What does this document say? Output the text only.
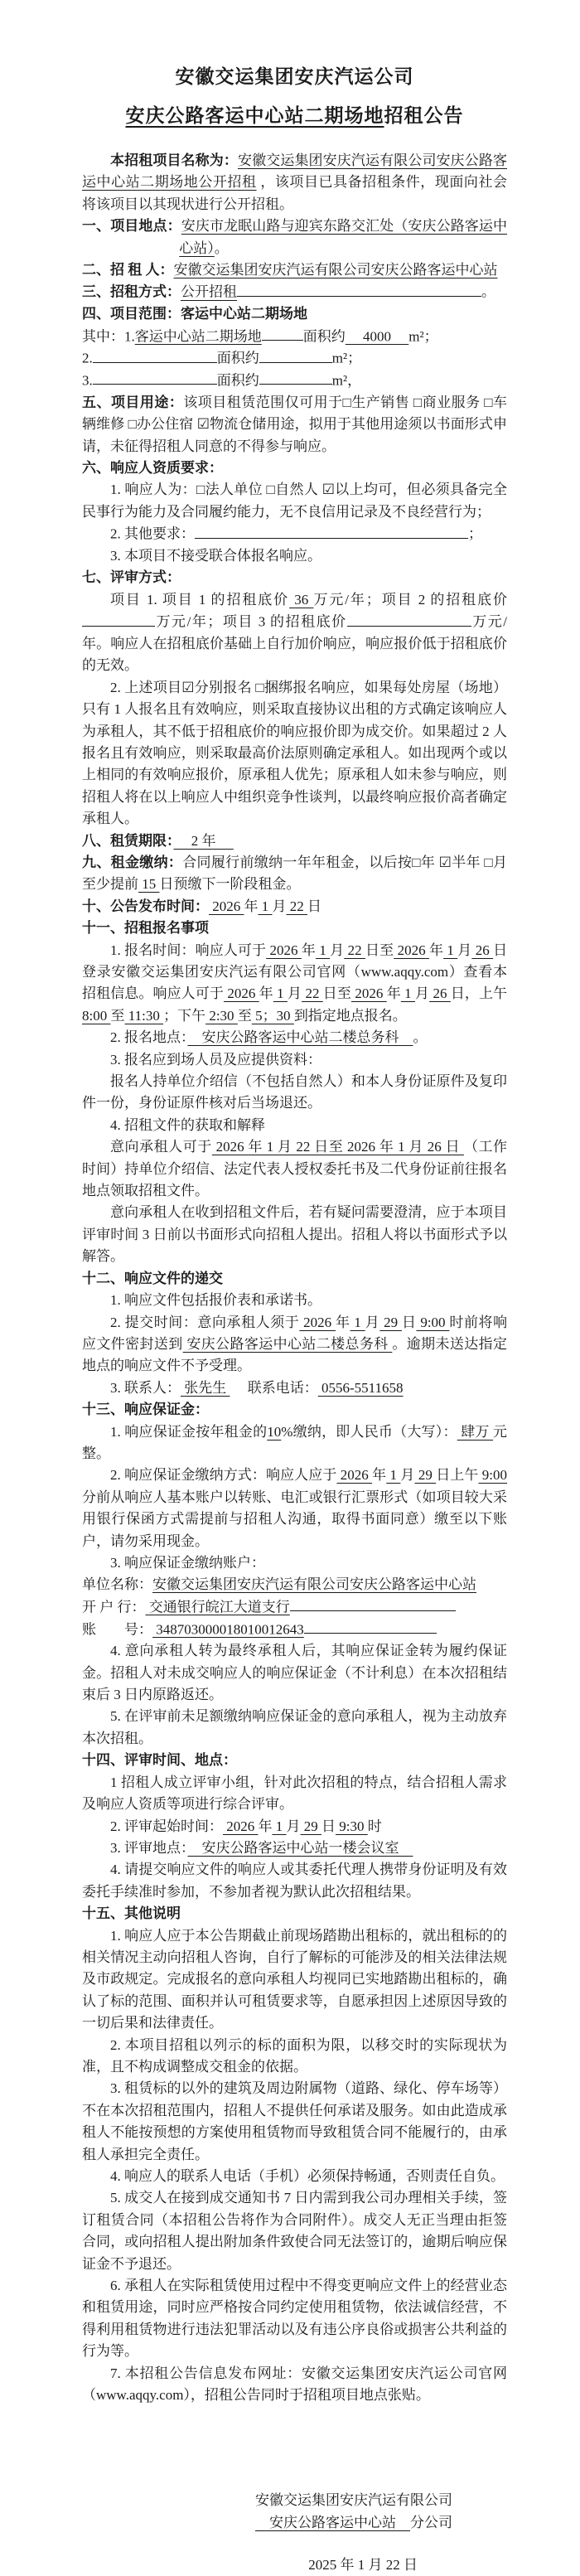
安徽交运集团安庆汽运公司
安庆公路客运中心站二期场地招租公告

本招租项目名称为：安徽交运集团安庆汽运有限公司安庆公路客运中心站二期场地公开招租 ，该项目已具备招租条件，现面向社会将该项目以其现状进行公开招租。

一、项目地点：安庆市龙眠山路与迎宾东路交汇处（安庆公路客运中心站）。

二、招 租 人：安徽交运集团安庆汽运有限公司安庆公路客运中心站

三、招租方式：公开招租	。

四、项目范围：客运中心站二期场地

其中：1.客运中心站二期场地	面积约　 4000 　m²；

2.	面积约	m²；

3.	面积约	m²，

五、项目用途：该项目租赁范围仅可用于□生产销售 □商业服务 □车辆维修 □办公住宿 ☑物流仓储用途，拟用于其他用途须以书面形式申请，未征得招租人同意的不得参与响应。

六、响应人资质要求：

1. 响应人为：□法人单位 □自然人 ☑以上均可，但必须具备完全民事行为能力及合同履约能力，无不良信用记录及不良经营行为；

2. 其他要求：	；

3. 本项目不接受联合体报名响应。

七、评审方式：

项目 1. 项目 1 的招租底价 36 万元/年；项目 2 的招租底价万元/年；项目 3 的招租底价	万元/年。响应人在招租底价基础上自行加价响应，响应报价低于招租底价的无效。

2. 上述项目☑分别报名 □捆绑报名响应，如果每处房屋（场地）只有 1 人报名且有效响应，则采取直接协议出租的方式确定该响应人为承租人，其不低于招租底价的响应报价即为成交价。如果超过 2 人报名且有效响应，则采取最高价法原则确定承租人。如出现两个或以上相同的有效响应报价，原承租人优先；原承租人如未参与响应，则招租人将在以上响应人中组织竞争性谈判，以最终响应报价高者确定承租人。

八、租赁期限：　 2 年 　

九、租金缴纳：合同履行前缴纳一年年租金，以后按□年 ☑半年 □月至少提前 15 日预缴下一阶段租金。

十、公告发布时间： 2026 年 1 月 22 日

十一、招租报名事项

1. 报名时间：响应人可于 2026 年 1 月 22 日至 2026 年 1 月 26 日登录安徽交运集团安庆汽运有限公司官网（www.aqqy.com）查看本招租信息。响应人可于 2026 年 1 月 22 日至 2026 年 1 月 26 日，上午 8:00 至 11:30 ；下午 2:30 至 5；30 到指定地点报名。

2. 报名地点：　安庆公路客运中心站二楼总务科　。

3. 报名应到场人员及应提供资料：

报名人持单位介绍信（不包括自然人）和本人身份证原件及复印件一份，身份证原件核对后当场退还。

4. 招租文件的获取和解释

意向承租人可于 2026 年 1 月 22 日至 2026 年 1 月 26 日 （工作时间）持单位介绍信、法定代表人授权委托书及二代身份证前往报名地点领取招租文件。

意向承租人在收到招租文件后，若有疑问需要澄清，应于本项目评审时间 3 日前以书面形式向招租人提出。招租人将以书面形式予以解答。

十二、响应文件的递交

1. 响应文件包括报价表和承诺书。

2. 提交时间：意向承租人须于 2026 年 1 月 29 日 9:00 时前将响应文件密封送到 安庆公路客运中心站二楼总务科 。逾期未送达指定地点的响应文件不予受理。

3. 联系人： 张先生 　 联系电话： 0556-5511658

十三、响应保证金：

1. 响应保证金按年租金的10%缴纳，即人民币（大写）： 肆万 元整。

2. 响应保证金缴纳方式：响应人应于 2026 年 1 月 29 日上午 9:00 分前从响应人基本账户以转账、电汇或银行汇票形式（如项目较大采用银行保函方式需提前与招租人沟通，取得书面同意）缴至以下账户，请勿采用现金。

3. 响应保证金缴纳账户：

单位名称：安徽交运集团安庆汽运有限公司安庆公路客运中心站

开 户 行： 交通银行皖江大道支行

账　　号： 348703000018010012643

4. 意向承租人转为最终承租人后，其响应保证金转为履约保证金。招租人对未成交响应人的响应保证金（不计利息）在本次招租结束后 3 日内原路返还。

5. 在评审前未足额缴纳响应保证金的意向承租人，视为主动放弃本次招租。

十四、评审时间、地点：

1 招租人成立评审小组，针对此次招租的特点，结合招租人需求及响应人资质等项进行综合评审。

2. 评审起始时间： 2026 年 1 月 29 日 9:30 时

3. 评审地点：　安庆公路客运中心站一楼会议室　

4. 请提交响应文件的响应人或其委托代理人携带身份证明及有效委托手续准时参加，不参加者视为默认此次招租结果。

十五、其他说明

1. 响应人应于本公告期截止前现场踏勘出租标的，就出租标的的相关情况主动向招租人咨询，自行了解标的可能涉及的相关法律法规及市政规定。完成报名的意向承租人均视同已实地踏勘出租标的，确认了标的范围、面积并认可租赁要求等，自愿承担因上述原因导致的一切后果和法律责任。

2. 本项目招租以列示的标的面积为限，以移交时的实际现状为准，且不构成调整成交租金的依据。

3. 租赁标的以外的建筑及周边附属物（道路、绿化、停车场等）不在本次招租范围内，招租人不提供任何承诺及服务。如由此造成承租人不能按预想的方案使用租赁物而导致租赁合同不能履行的，由承租人承担完全责任。

4. 响应人的联系人电话（手机）必须保持畅通，否则责任自负。

5. 成交人在接到成交通知书 7 日内需到我公司办理相关手续，签订租赁合同（本招租公告将作为合同附件）。成交人无正当理由拒签合同，或向招租人提出附加条件致使合同无法签订的，逾期后响应保证金不予退还。

6. 承租人在实际租赁使用过程中不得变更响应文件上的经营业态和租赁用途，同时应严格按合同约定使用租赁物，依法诚信经营，不得利用租赁物进行违法犯罪活动以及有违公序良俗或损害公共利益的行为等。

7. 本招租公告信息发布网址：安徽交运集团安庆汽运公司官网（www.aqqy.com），招租公告同时于招租项目地点张贴。

安徽交运集团安庆汽运有限公司
　安庆公路客运中心站　分公司
2025 年 1 月 22 日
